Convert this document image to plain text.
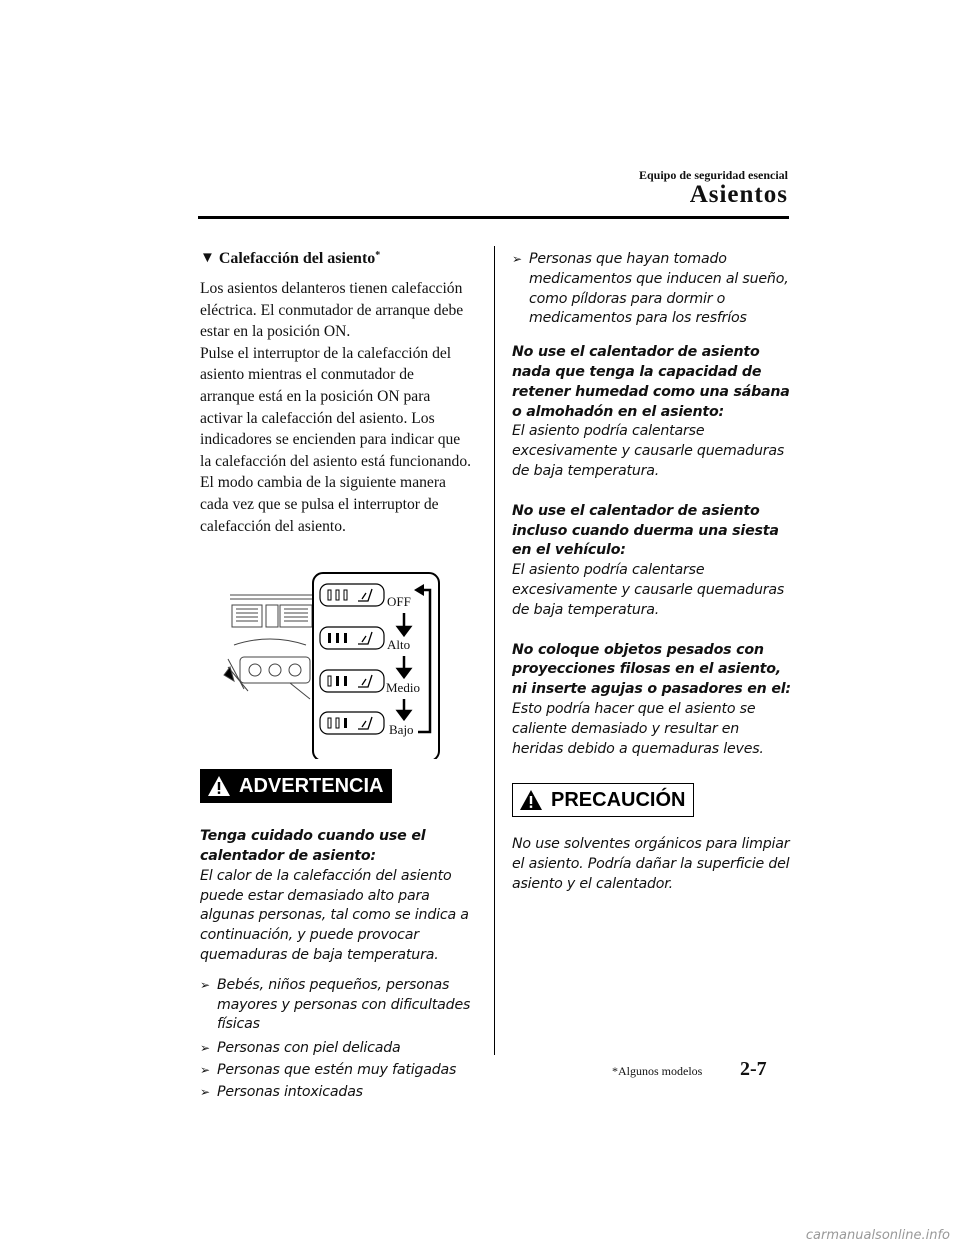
Equipo de seguridad esencial
Asientos
▼ Calefacción del asiento*

Los asientos delanteros tienen calefacción eléctrica. El conmutador de arranque debe estar en la posición ON.

Pulse el interruptor de la calefacción del asiento mientras el conmutador de arranque está en la posición ON para activar la calefacción del asiento. Los indicadores se encienden para indicar que la calefacción del asiento está funcionando. El modo cambia de la siguiente manera cada vez que se pulsa el interruptor de calefacción del asiento.

OFF
Alto
Medio
Bajo
ADVERTENCIA

Tenga cuidado cuando use el calentador de asiento:

El calor de la calefacción del asiento puede estar demasiado alto para algunas personas, tal como se indica a continuación, y puede provocar quemaduras de baja temperatura.

➢ Bebés, niños pequeños, personas mayores y personas con dificultades físicas

➢ Personas con piel delicada

➢ Personas que estén muy fatigadas

➢ Personas intoxicadas

➢ Personas que hayan tomado medicamentos que inducen al sueño, como píldoras para dormir o medicamentos para los resfríos

No use el calentador de asiento nada que tenga la capacidad de retener humedad como una sábana o almohadón en el asiento:

El asiento podría calentarse excesivamente y causarle quemaduras de baja temperatura.

No use el calentador de asiento incluso cuando duerma una siesta en el vehículo:

El asiento podría calentarse excesivamente y causarle quemaduras de baja temperatura.

No coloque objetos pesados con proyecciones filosas en el asiento, ni inserte agujas o pasadores en el:

Esto podría hacer que el asiento se caliente demasiado y resultar en heridas debido a quemaduras leves.

PRECAUCIÓN

No use solventes orgánicos para limpiar el asiento. Podría dañar la superficie del asiento y el calentador.

*Algunos modelos 2-7
carmanualsonline.info
